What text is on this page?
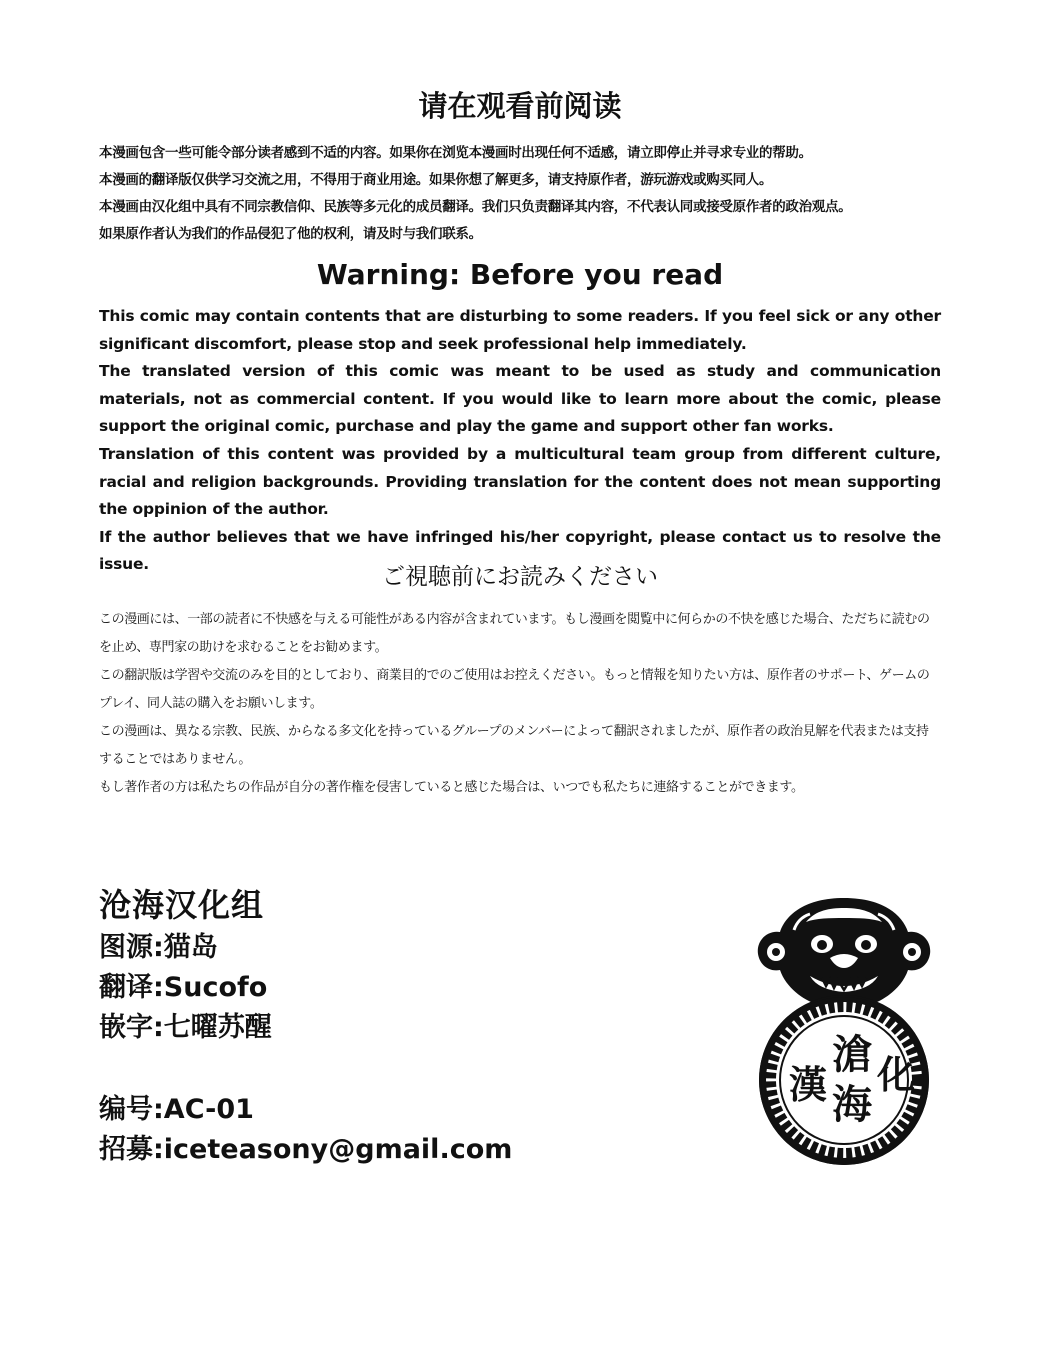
请在观看前阅读

本漫画包含一些可能令部分读者感到不适的内容。如果你在浏览本漫画时出现任何不适感，请立即停止并寻求专业的帮助。

本漫画的翻译版仅供学习交流之用，不得用于商业用途。如果你想了解更多，请支持原作者，游玩游戏或购买同人。

本漫画由汉化组中具有不同宗教信仰、民族等多元化的成员翻译。我们只负责翻译其内容，不代表认同或接受原作者的政治观点。

如果原作者认为我们的作品侵犯了他的权利，请及时与我们联系。

Warning: Before you read

This comic may contain contents that are disturbing to some readers. If you feel sick or any other significant discomfort, please stop and seek professional help immediately.

The translated version of this comic was meant to be used as study and communication materials, not as commercial content. If you would like to learn more about the comic, please support the original comic, purchase and play the game and support other fan works.

Translation of this content was provided by a multicultural team group from different culture, racial and religion backgrounds. Providing translation for the content does not mean supporting the oppinion of the author.

If the author believes that we have infringed his/her copyright, please contact us to resolve the issue.	ご視聴前にお読みください

この漫画には、一部の読者に不快感を与える可能性がある内容が含まれています。もし漫画を閲覧中に何らかの不快を感じた場合、ただちに読むのを止め、専門家の助けを求むることをお勧めます。

この翻訳版は学習や交流のみを目的としており、商業目的でのご使用はお控えください。もっと情報を知りたい方は、原作者のサポート、ゲームのプレイ、同人誌の購入をお願いします。

この漫画は、異なる宗教、民族、からなる多文化を持っているグループのメンバーによって翻訳されましたが、原作者の政治見解を代表または支持することではありません。

もし著作者の方は私たちの作品が自分の著作権を侵害していると感じた場合は、いつでも私たちに連絡することができます。

沧海汉化组

图源:猫岛

翻译:Sucofo

嵌字:七曜苏醒

编号:AC-01

招募:iceteasony@gmail.com

滄
海
漢 化
